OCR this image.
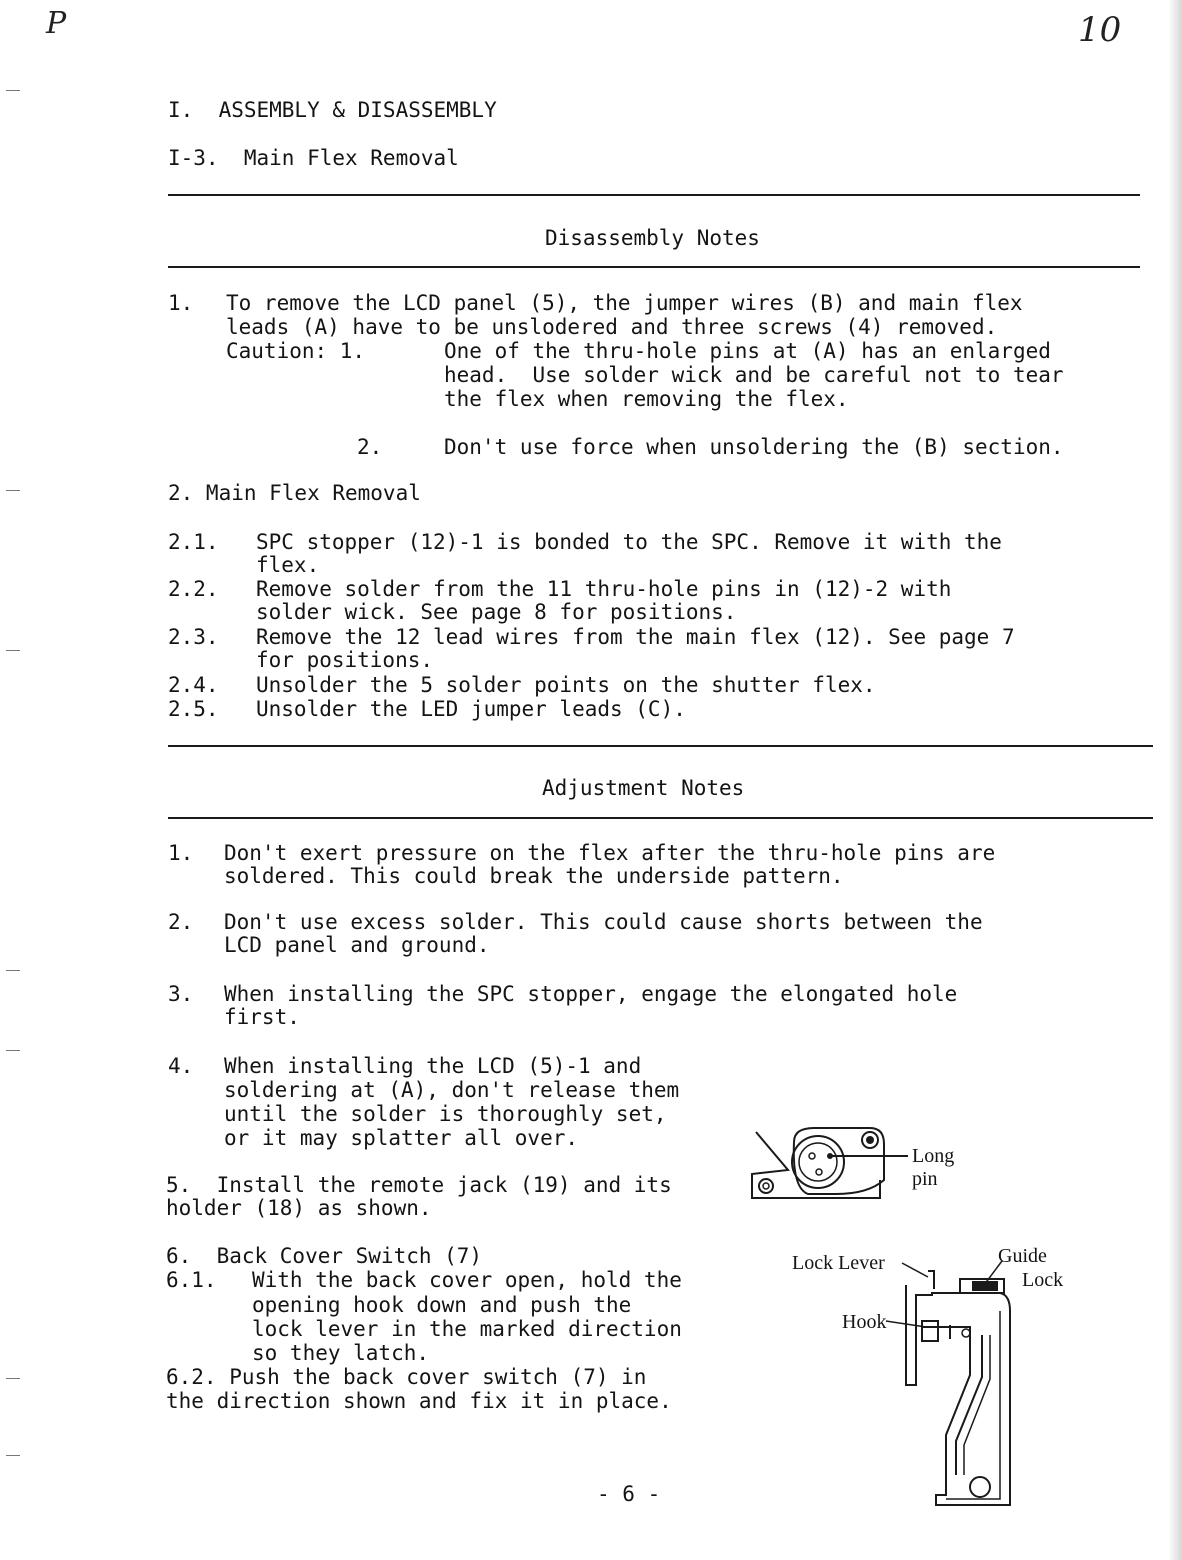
P	10
I.  ASSEMBLY & DISASSEMBLY
I-3.  Main Flex Removal
Disassembly Notes
1. To remove the LCD panel (5), the jumper wires (B) and main flex
leads (A) have to be unslodered and three screws (4) removed.
Caution: 1.	One of the thru-hole pins at (A) has an enlarged
head.  Use solder wick and be careful not to tear
the flex when removing the flex.
2.	Don't use force when unsoldering the (B) section.
2. Main Flex Removal
2.1. SPC stopper (12)-1 is bonded to the SPC. Remove it with the
flex.
2.2. Remove solder from the 11 thru-hole pins in (12)-2 with
solder wick. See page 8 for positions.
2.3. Remove the 12 lead wires from the main flex (12). See page 7
for positions.
2.4. Unsolder the 5 solder points on the shutter flex.
2.5. Unsolder the LED jumper leads (C).
Adjustment Notes
1. Don't exert pressure on the flex after the thru-hole pins are
soldered. This could break the underside pattern.
2. Don't use excess solder. This could cause shorts between the
LCD panel and ground.
3. When installing the SPC stopper, engage the elongated hole
first.
4. When installing the LCD (5)-1 and
soldering at (A), don't release them
until the solder is thoroughly set,
or it may splatter all over.
5.  Install the remote jack (19) and its
holder (18) as shown.
6.  Back Cover Switch (7)
6.1. With the back cover open, hold the
opening hook down and push the
lock lever in the marked direction
so they latch.
6.2. Push the back cover switch (7) in
the direction shown and fix it in place.
Long
pin
Lock Lever	Guide
Lock
Hook
- 6 -
